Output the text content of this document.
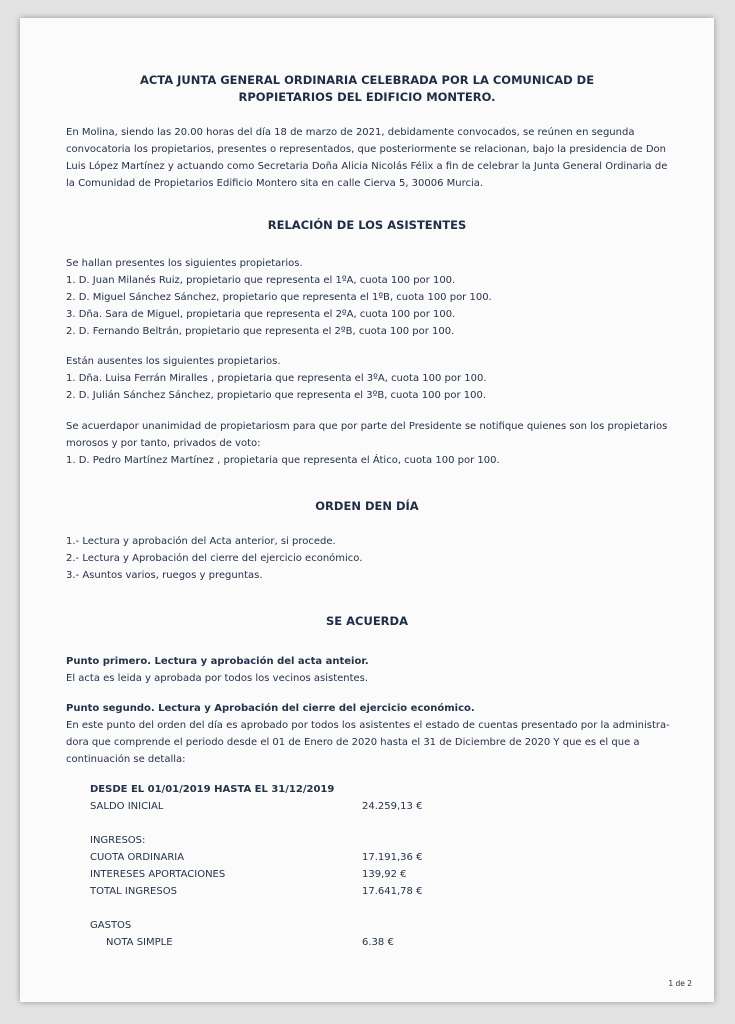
ACTA JUNTA GENERAL ORDINARIA CELEBRADA POR LA COMUNICAD DE
RPOPIETARIOS DEL EDIFICIO MONTERO.
En Molina, siendo las 20.00 horas del día 18 de marzo de 2021, debidamente convocados, se reúnen en segunda
convocatoria los propietarios, presentes o representados, que posteriormente se relacionan, bajo la presidencia de Don
Luis López Martínez y actuando como Secretaria Doña Alicia Nicolás Félix a fin de celebrar la Junta General Ordinaria de
la Comunidad de Propietarios Edificio Montero sita en calle Cierva 5, 30006 Murcia.
RELACIÓN DE LOS ASISTENTES
Se hallan presentes los siguientes propietarios.
1. D. Juan Milanés Ruiz, propietario que representa el 1ºA, cuota 100 por 100.
2. D. Miguel Sánchez Sánchez, propietario que representa el 1ºB, cuota 100 por 100.
3. Dña. Sara de Miguel, propietaria que representa el 2ºA, cuota 100 por 100.
2. D. Fernando Beltrán, propietario que representa el 2ºB, cuota 100 por 100.
Están ausentes los siguientes propietarios.
1. Dña. Luisa Ferrán Miralles , propietaria que representa el 3ºA, cuota 100 por 100.
2. D. Julián Sánchez Sánchez, propietario que representa el 3ºB, cuota 100 por 100.
Se acuerdapor unanimidad de propietariosm para que por parte del Presidente se notifique quienes son los propietarios
morosos y por tanto, privados de voto:
1. D. Pedro Martínez Martínez , propietaria que representa el Ático, cuota 100 por 100.
ORDEN DEN DÍA
1.- Lectura y aprobación del Acta anterior, si procede.
2.- Lectura y Aprobación del cierre del ejercicio económico.
3.- Asuntos varios, ruegos y preguntas.
SE ACUERDA
Punto primero. Lectura y aprobación del acta anteior.
El acta es leida y aprobada por todos los vecinos asistentes.
Punto segundo. Lectura y Aprobación del cierre del ejercicio económico.
En este punto del orden del día es aprobado por todos los asistentes el estado de cuentas presentado por la administra-
dora que comprende el periodo desde el 01 de Enero de 2020 hasta el 31 de Diciembre de 2020 Y que es el que a
continuación se detalla:
DESDE EL 01/01/2019 HASTA EL 31/12/2019
SALDO INICIAL	24.259,13 €
INGRESOS:
CUOTA ORDINARIA	17.191,36 €
INTERESES APORTACIONES	139,92 €
TOTAL INGRESOS	17.641,78 €
GASTOS
NOTA SIMPLE	6.38 €
1 de 2
